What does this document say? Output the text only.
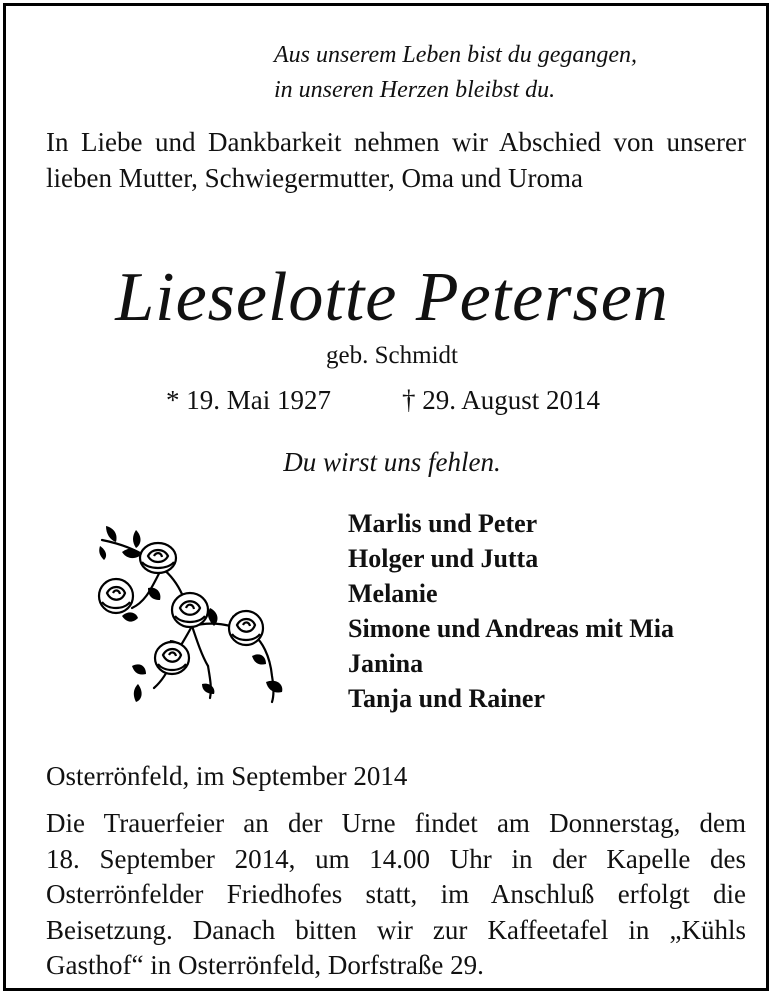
Aus unserem Leben bist du gegangen,
in unseren Herzen bleibst du.
In Liebe und Dankbarkeit nehmen wir Abschied von unserer lieben Mutter, Schwiegermutter, Oma und Uroma
Lieselotte Petersen
geb. Schmidt
* 19. Mai 1927	† 29. August 2014
Du wirst uns fehlen.
Marlis und Peter
Holger und Jutta
Melanie
Simone und Andreas mit Mia
Janina
Tanja und Rainer
Osterrönfeld, im September 2014
Die Trauerfeier an der Urne findet am Donnerstag, dem
18. September 2014, um 14.00 Uhr in der Kapelle des
Osterrönfelder Friedhofes statt, im Anschluß erfolgt die
Beisetzung. Danach bitten wir zur Kaffeetafel in „Kühls
Gasthof“ in Osterrönfeld, Dorfstraße 29.
